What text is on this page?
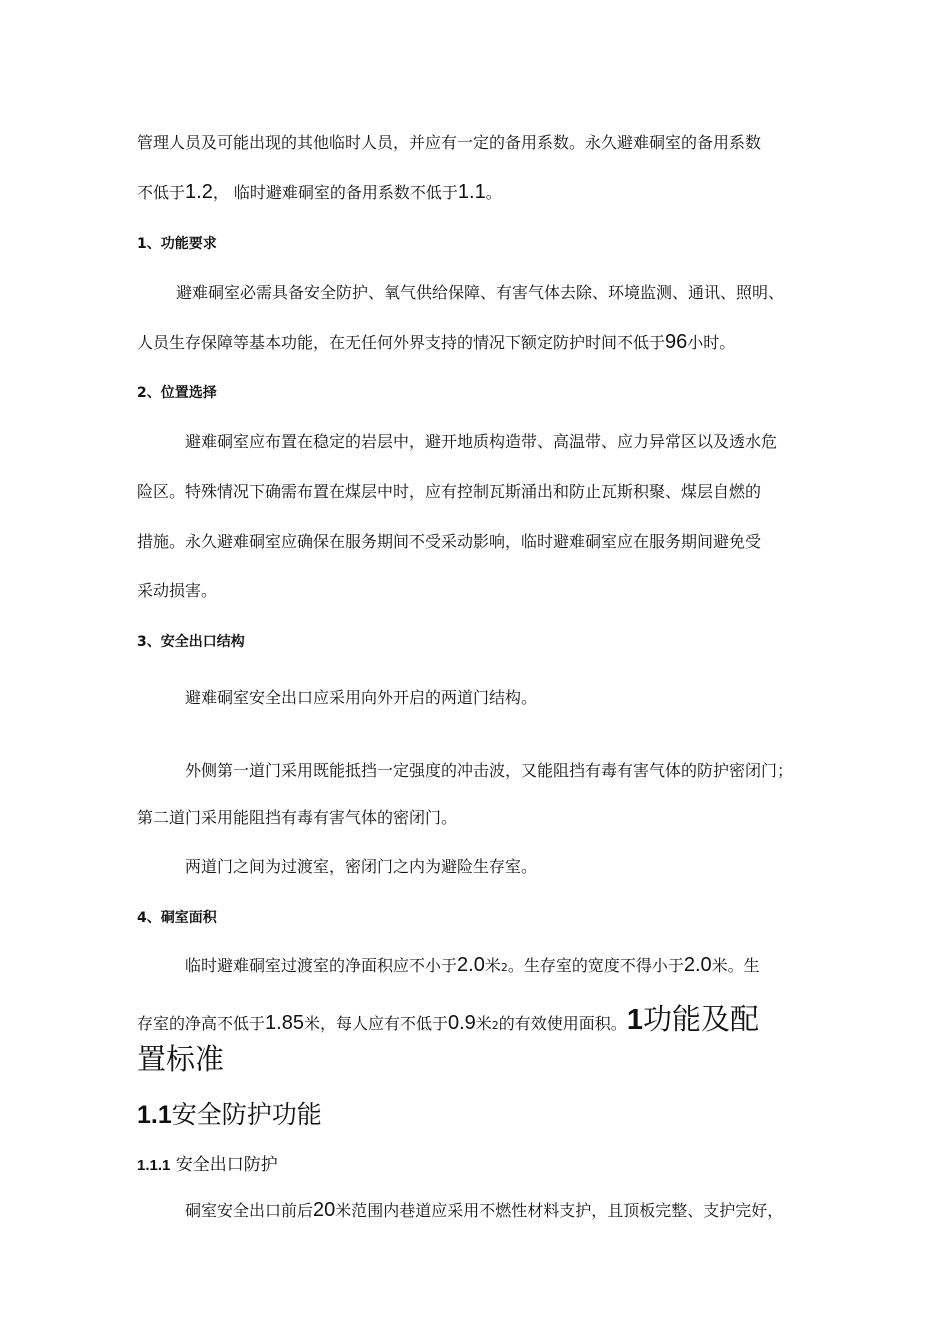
管理人员及可能出现的其他临时人员，并应有一定的备用系数。永久避难硐室的备用系数
不低于1.2， 临时避难硐室的备用系数不低于1.1。
1、功能要求
避难硐室必需具备安全防护、氧气供给保障、有害气体去除、环境监测、通讯、照明、
人员生存保障等基本功能，在无任何外界支持的情况下额定防护时间不低于96小时。
2、位置选择
避难硐室应布置在稳定的岩层中，避开地质构造带、高温带、应力异常区以及透水危
险区。特殊情况下确需布置在煤层中时，应有控制瓦斯涌出和防止瓦斯积聚、煤层自燃的
措施。永久避难硐室应确保在服务期间不受采动影响，临时避难硐室应在服务期间避免受
采动损害。
3、安全出口结构
避难硐室安全出口应采用向外开启的两道门结构。
外侧第一道门采用既能抵挡一定强度的冲击波，又能阻挡有毒有害气体的防护密闭门；
第二道门采用能阻挡有毒有害气体的密闭门。
两道门之间为过渡室，密闭门之内为避险生存室。
4、硐室面积
临时避难硐室过渡室的净面积应不小于2.0米2。生存室的宽度不得小于2.0米。生
存室的净高不低于1.85米，每人应有不低于0.9米2的有效使用面积。1功能及配
置标准
1.1安全防护功能
1.1.1 安全出口防护
硐室安全出口前后20米范围内巷道应采用不燃性材料支护，且顶板完整、支护完好，
